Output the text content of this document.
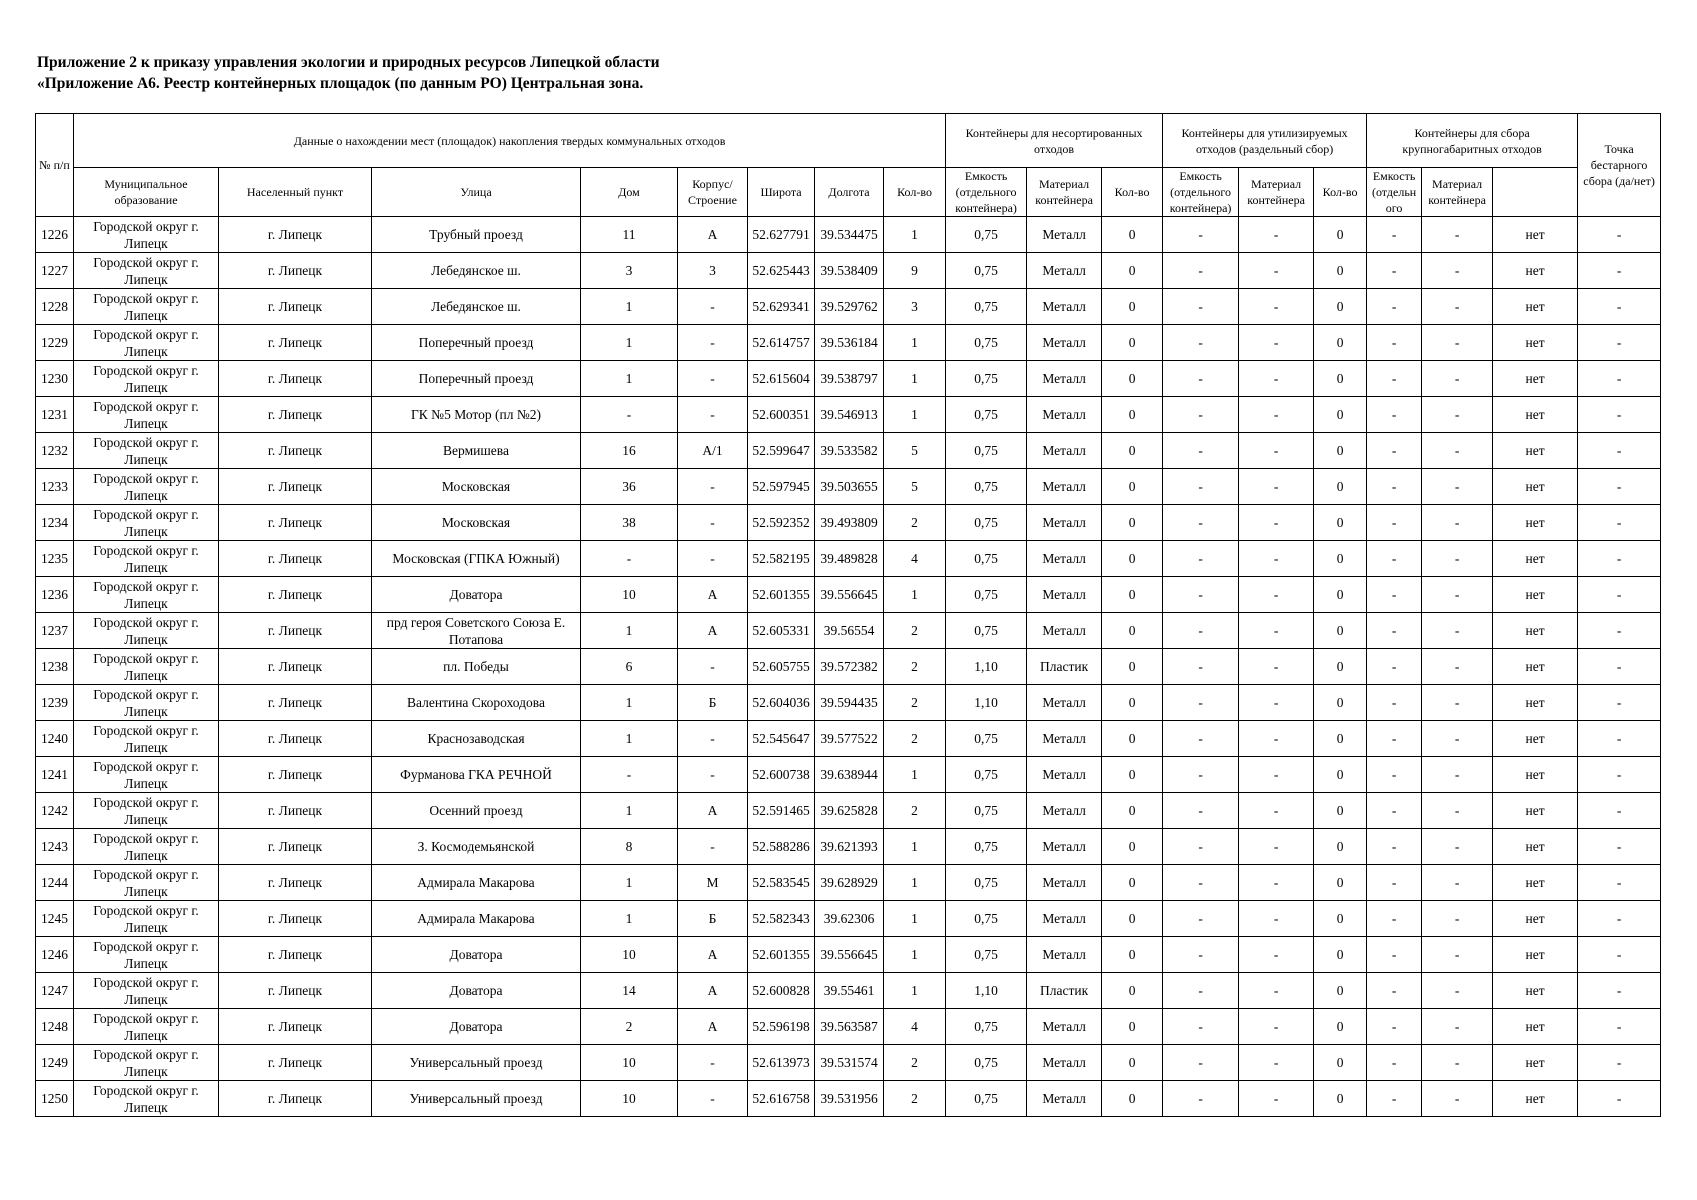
Приложение 2 к приказу управления экологии и природных ресурсов Липецкой области
«Приложение А6. Реестр контейнерных площадок (по данным РО) Центральная зона.
№ п/п	Данные о нахождении мест (площадок) накопления твердых коммунальных отходов								Контейнеры для несортированных отходов			Контейнеры для утилизируемых отходов (раздельный сбор)			Контейнеры для сбора крупногабаритных отходов			Точка бестарного сбора (да/нет)	
	Муниципальное образование	Населенный пункт	Улица	Дом	Корпус/ Строение	Широта	Долгота	Кол-во	Емкость (отдельного контейнера)	Материал контейнера	Кол-во	Емкость (отдельного контейнера)	Материал контейнера	Кол-во	Емкость (отдельн ого	Материал контейнера			
1226	Городской округ г. Липецк	г. Липецк	Трубный проезд	11	А	52.627791	39.534475	1	0,75	Металл	0	-	-	0	-	-	нет	-	
1227	Городской округ г. Липецк	г. Липецк	Лебедянское ш.	3	3	52.625443	39.538409	9	0,75	Металл	0	-	-	0	-	-	нет	-	
1228	Городской округ г. Липецк	г. Липецк	Лебедянское ш.	1	-	52.629341	39.529762	3	0,75	Металл	0	-	-	0	-	-	нет	-	
1229	Городской округ г. Липецк	г. Липецк	Поперечный проезд	1	-	52.614757	39.536184	1	0,75	Металл	0	-	-	0	-	-	нет	-	
1230	Городской округ г. Липецк	г. Липецк	Поперечный проезд	1	-	52.615604	39.538797	1	0,75	Металл	0	-	-	0	-	-	нет	-	
1231	Городской округ г. Липецк	г. Липецк	ГК №5 Мотор (пл №2)	-	-	52.600351	39.546913	1	0,75	Металл	0	-	-	0	-	-	нет	-	
1232	Городской округ г. Липецк	г. Липецк	Вермишева	16	А/1	52.599647	39.533582	5	0,75	Металл	0	-	-	0	-	-	нет	-	
1233	Городской округ г. Липецк	г. Липецк	Московская	36	-	52.597945	39.503655	5	0,75	Металл	0	-	-	0	-	-	нет	-	
1234	Городской округ г. Липецк	г. Липецк	Московская	38	-	52.592352	39.493809	2	0,75	Металл	0	-	-	0	-	-	нет	-	
1235	Городской округ г. Липецк	г. Липецк	Московская (ГПКА Южный)	-	-	52.582195	39.489828	4	0,75	Металл	0	-	-	0	-	-	нет	-	
1236	Городской округ г. Липецк	г. Липецк	Доватора	10	А	52.601355	39.556645	1	0,75	Металл	0	-	-	0	-	-	нет	-	
1237	Городской округ г. Липецк	г. Липецк	прд героя Советского Союза Е. Потапова	1	А	52.605331	39.56554	2	0,75	Металл	0	-	-	0	-	-	нет	-	
1238	Городской округ г. Липецк	г. Липецк	пл. Победы	6	-	52.605755	39.572382	2	1,10	Пластик	0	-	-	0	-	-	нет	-	
1239	Городской округ г. Липецк	г. Липецк	Валентина Скороходова	1	Б	52.604036	39.594435	2	1,10	Металл	0	-	-	0	-	-	нет	-	
1240	Городской округ г. Липецк	г. Липецк	Краснозаводская	1	-	52.545647	39.577522	2	0,75	Металл	0	-	-	0	-	-	нет	-	
1241	Городской округ г. Липецк	г. Липецк	Фурманова ГКА РЕЧНОЙ	-	-	52.600738	39.638944	1	0,75	Металл	0	-	-	0	-	-	нет	-	
1242	Городской округ г. Липецк	г. Липецк	Осенний проезд	1	А	52.591465	39.625828	2	0,75	Металл	0	-	-	0	-	-	нет	-	
1243	Городской округ г. Липецк	г. Липецк	З. Космодемьянской	8	-	52.588286	39.621393	1	0,75	Металл	0	-	-	0	-	-	нет	-	
1244	Городской округ г. Липецк	г. Липецк	Адмирала Макарова	1	М	52.583545	39.628929	1	0,75	Металл	0	-	-	0	-	-	нет	-	
1245	Городской округ г. Липецк	г. Липецк	Адмирала Макарова	1	Б	52.582343	39.62306	1	0,75	Металл	0	-	-	0	-	-	нет	-	
1246	Городской округ г. Липецк	г. Липецк	Доватора	10	А	52.601355	39.556645	1	0,75	Металл	0	-	-	0	-	-	нет	-	
1247	Городской округ г. Липецк	г. Липецк	Доватора	14	А	52.600828	39.55461	1	1,10	Пластик	0	-	-	0	-	-	нет	-	
1248	Городской округ г. Липецк	г. Липецк	Доватора	2	А	52.596198	39.563587	4	0,75	Металл	0	-	-	0	-	-	нет	-	
1249	Городской округ г. Липецк	г. Липецк	Универсальный проезд	10	-	52.613973	39.531574	2	0,75	Металл	0	-	-	0	-	-	нет	-	
1250	Городской округ г. Липецк	г. Липецк	Универсальный проезд	10	-	52.616758	39.531956	2	0,75	Металл	0	-	-	0	-	-	нет	-	
